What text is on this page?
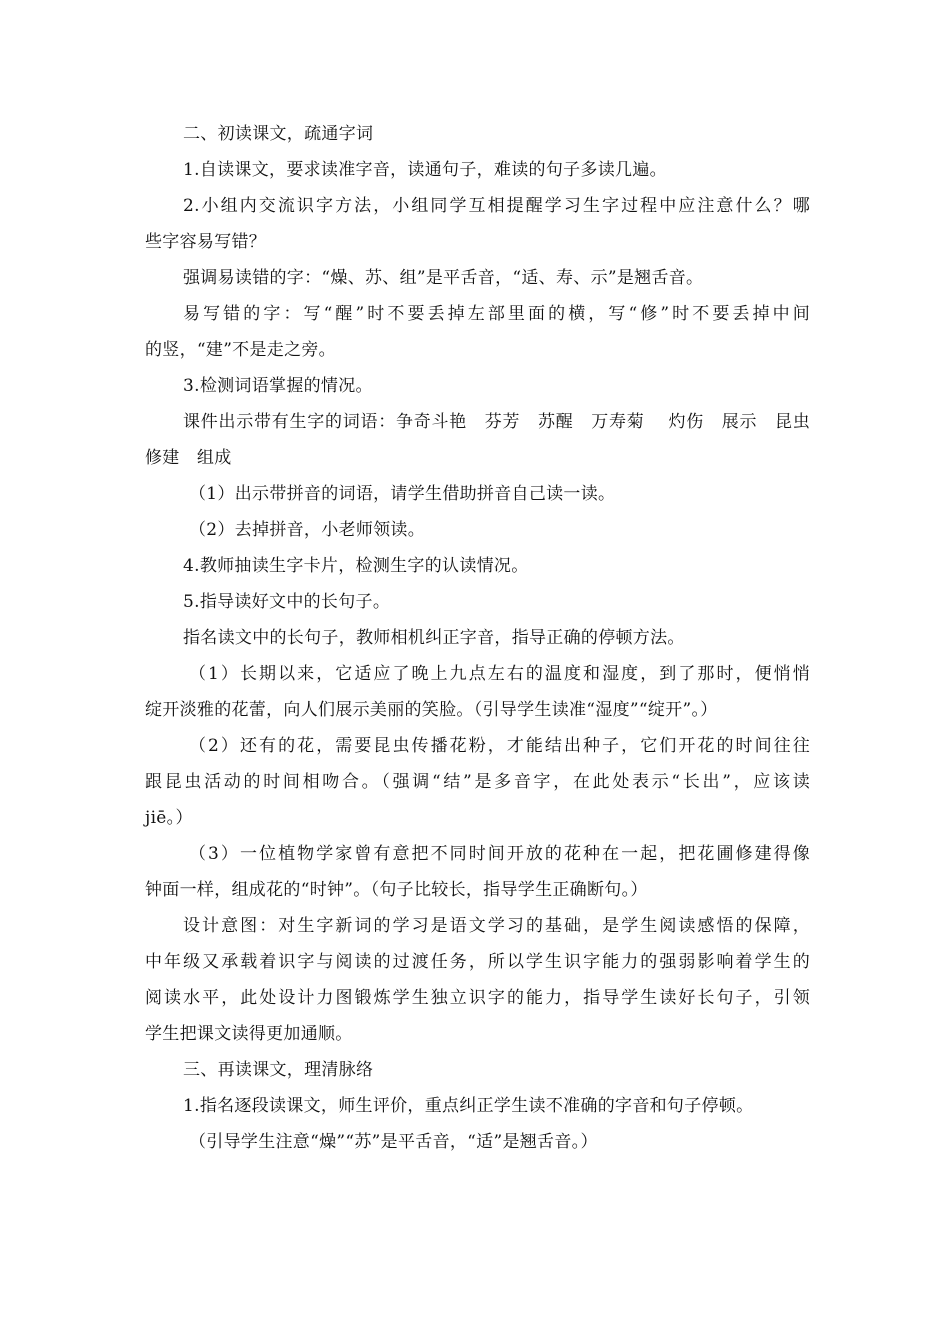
二、初读课文，疏通字词
1.自读课文，要求读准字音，读通句子，难读的句子多读几遍。
2.小组内交流识字方法，小组同学互相提醒学习生字过程中应注意什么？哪
些字容易写错？
强调易读错的字：“燥、苏、组”是平舌音，“适、寿、示”是翘舌音。
易写错的字：写“醒”时不要丢掉左部里面的横，写“修”时不要丢掉中间
的竖，“建”不是走之旁。
3.检测词语掌握的情况。
课件出示带有生字的词语：争奇斗艳　芬芳　苏醒　万寿菊　 灼伤　展示　昆虫
修建　组成
（1）出示带拼音的词语，请学生借助拼音自己读一读。
（2）去掉拼音，小老师领读。
4.教师抽读生字卡片，检测生字的认读情况。
5.指导读好文中的长句子。
指名读文中的长句子，教师相机纠正字音，指导正确的停顿方法。
（1）长期以来，它适应了晚上九点左右的温度和湿度，到了那时，便悄悄
绽开淡雅的花蕾，向人们展示美丽的笑脸。（引导学生读准“湿度”“绽开”。）
（2）还有的花，需要昆虫传播花粉，才能结出种子，它们开花的时间往往
跟昆虫活动的时间相吻合。（强调“结”是多音字，在此处表示“长出”，应该读
jiē。）
（3）一位植物学家曾有意把不同时间开放的花种在一起，把花圃修建得像
钟面一样，组成花的“时钟”。（句子比较长，指导学生正确断句。）
设计意图：对生字新词的学习是语文学习的基础，是学生阅读感悟的保障，
中年级又承载着识字与阅读的过渡任务，所以学生识字能力的强弱影响着学生的
阅读水平，此处设计力图锻炼学生独立识字的能力，指导学生读好长句子，引领
学生把课文读得更加通顺。
三、再读课文，理清脉络
1.指名逐段读课文，师生评价，重点纠正学生读不准确的字音和句子停顿。
（引导学生注意“燥”“苏”是平舌音，“适”是翘舌音。）
